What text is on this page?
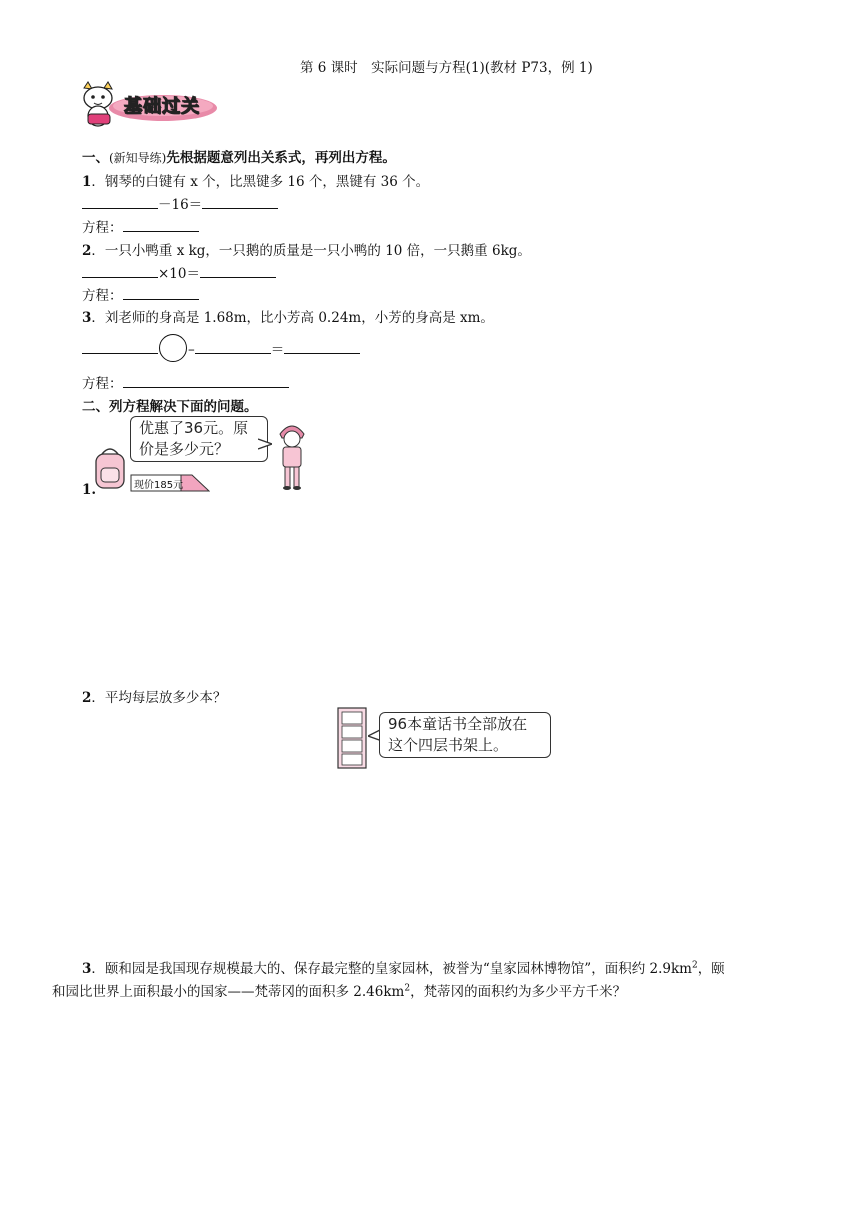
第 6 课时　实际问题与方程(1)(教材 P73，例 1)
基础过关
一、(新知导练)先根据题意列出关系式，再列出方程。
1．钢琴的白键有 x 个，比黑键多 16 个，黑键有 36 个。
－16＝
方程：
2．一只小鸭重 x kg，一只鹅的质量是一只小鸭的 10 倍，一只鹅重 6kg。
×10＝
方程：
3．刘老师的身高是 1.68m，比小芳高 0.24m，小芳的身高是 xm。
–	＝
方程：
二、列方程解决下面的问题。
1.
优惠了36元。原
价是多少元？
现价185元
2．平均每层放多少本？
96本童话书全部放在
这个四层书架上。
3．颐和园是我国现存规模最大的、保存最完整的皇家园林，被誉为“皇家园林博物馆”，面积约 $2.9km^2$，颐
和园比世界上面积最小的国家——梵蒂冈的面积多 $2.46km^2$，梵蒂冈的面积约为多少平方千米？
